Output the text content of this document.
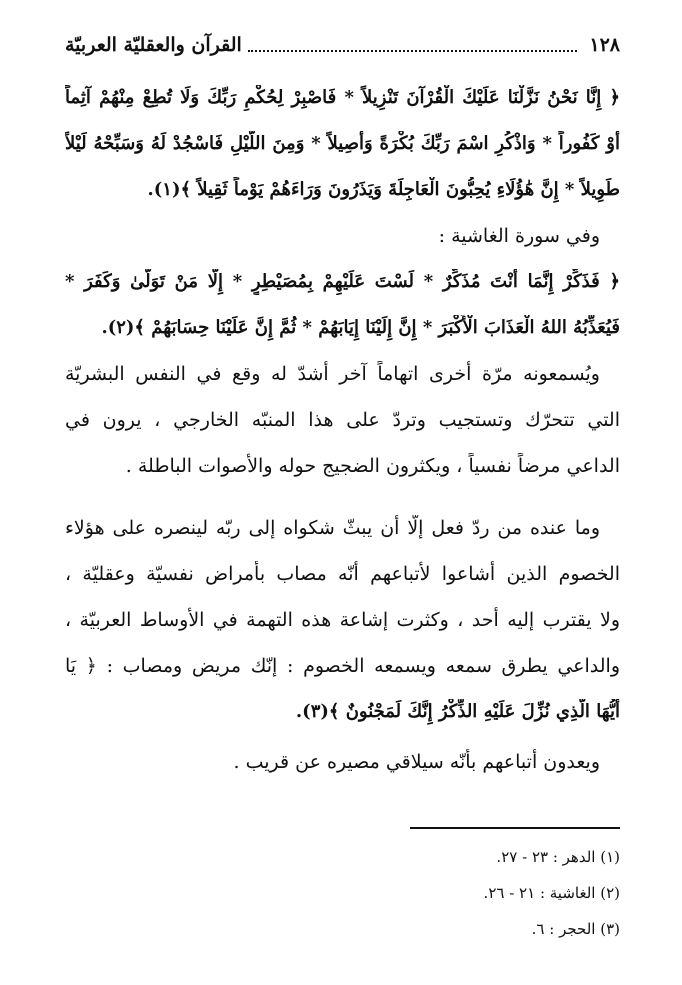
١٢٨
القرآن والعقليّة العربيّة
﴿ إِنَّا نَحْنُ نَزَّلْنَا عَلَيْكَ الْقُرْآنَ تَنْزِيلاً * فَاصْبِرْ لِحُكْمِ رَبِّكَ وَلَا تُطِعْ مِنْهُمْ آثِماً
أَوْ كَفُوراً * وَاذْكُرِ اسْمَ رَبِّكَ بُكْرَةً وَأَصِيلاً * وَمِنَ اللَّيْلِ فَاسْجُدْ لَهُ وَسَبِّحْهُ لَيْلاً
طَوِيلاً * إِنَّ هَٰؤُلَاءِ يُحِبُّونَ الْعَاجِلَةَ وَيَذَرُونَ وَرَاءَهُمْ يَوْماً ثَقِيلاً ﴾(١).
وفي سورة الغاشية :
﴿ فَذَكِّرْ إِنَّمَا أَنْتَ مُذَكِّرٌ * لَسْتَ عَلَيْهِمْ بِمُصَيْطِرٍ * إِلَّا مَنْ تَوَلَّىٰ وَكَفَرَ *
فَيُعَذِّبُهُ اللهُ الْعَذَابَ الْأَكْبَرَ * إِنَّ إِلَيْنَا إِيَابَهُمْ * ثُمَّ إِنَّ عَلَيْنَا حِسَابَهُمْ ﴾(٢).
ويُسمعونه مرّة أُخرى اتهاماً آخر أشدّ له وقع في النفس البشريّة
التي تتحرّك وتستجيب وتردّ على هذا المنبّه الخارجي ، يرون في
الداعي مرضاً نفسياً ، ويكثرون الضجيج حوله والأصوات الباطلة .
وما عنده من ردّ فعل إلّا أن يبثّ شكواه إلى ربّه لينصره على هؤلاء
الخصوم الذين أشاعوا لأتباعهم أنّه مصاب بأمراض نفسيّة وعقليّة ،
ولا يقترب إليه أحد ، وكثرت إشاعة هذه التهمة في الأوساط العربيّة ،
والداعي يطرق سمعه ويسمعه الخصوم : إنّك مريض ومصاب : ﴿ يَا
أَيُّهَا الَّذِي نُزِّلَ عَلَيْهِ الذِّكْرُ إِنَّكَ لَمَجْنُونٌ ﴾(٣).
ويعدون أتباعهم بأنّه سيلاقي مصيره عن قريب .
(١) الدهر : ٢٣ - ٢٧.
(٢) الغاشية : ٢١ - ٢٦.
(٣) الحجر : ٦.
